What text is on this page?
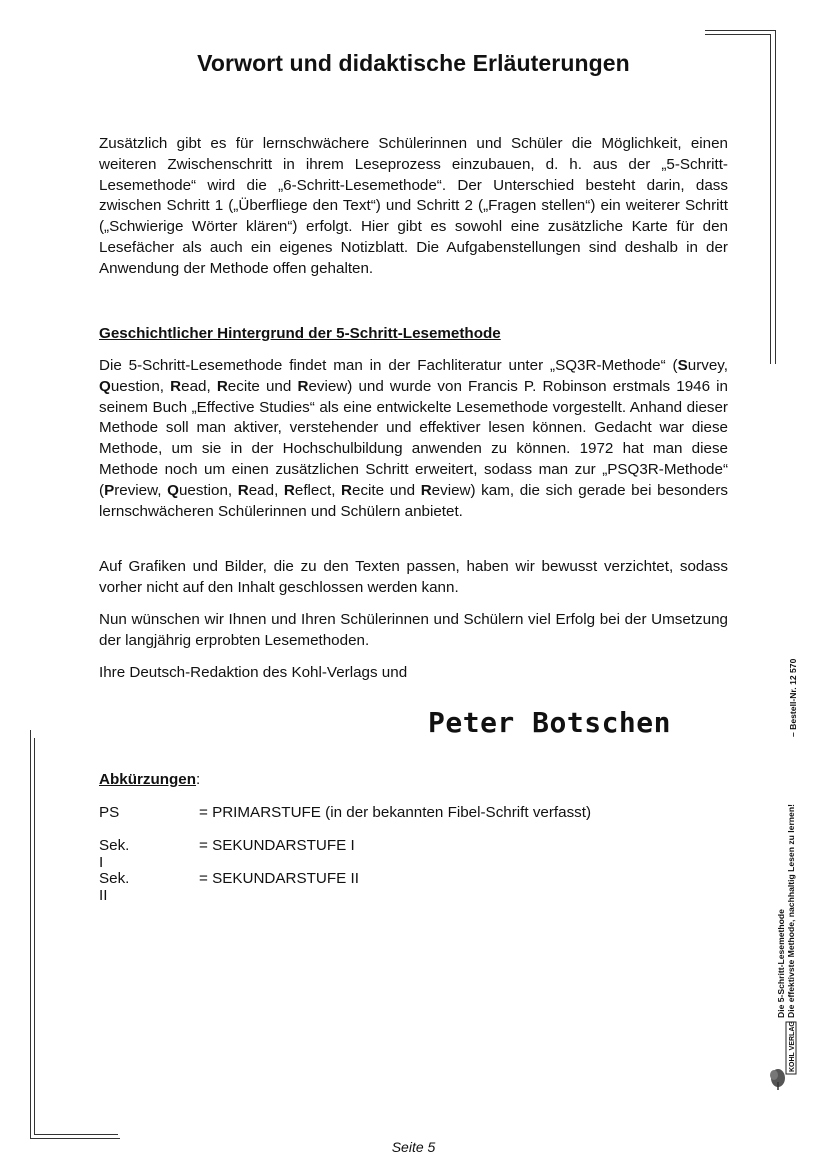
Vorwort und didaktische Erläuterungen

Zusätzlich gibt es für lernschwächere Schülerinnen und Schüler die Möglichkeit, einen weiteren Zwischenschritt in ihrem Leseprozess einzubauen, d. h. aus der „5-Schritt-Lesemethode“ wird die „6-Schritt-Lesemethode“. Der Unterschied besteht darin, dass zwischen Schritt 1 („Überfliege den Text“) und Schritt 2 („Fragen stellen“) ein weiterer Schritt („Schwierige Wörter klären“) erfolgt. Hier gibt es sowohl eine zusätzliche Karte für den Lesefächer als auch ein eigenes Notizblatt. Die Aufgabenstellungen sind deshalb in der Anwendung der Methode offen gehalten.

Geschichtlicher Hintergrund der 5-Schritt-Lesemethode

Die 5-Schritt-Lesemethode findet man in der Fachliteratur unter „SQ3R-Methode“ (Survey, Question, Read, Recite und Review) und wurde von Francis P. Robinson erstmals 1946 in seinem Buch „Effective Studies“ als eine entwickelte Lesemethode vorgestellt. Anhand dieser Methode soll man aktiver, verstehender und effektiver lesen können. Gedacht war diese Methode, um sie in der Hochschulbildung anwenden zu können. 1972 hat man diese Methode noch um einen zusätzlichen Schritt erweitert, sodass man zur „PSQ3R-Methode“ (Preview, Question, Read, Reflect, Recite und Review) kam, die sich gerade bei besonders lernschwächeren Schülerinnen und Schülern anbietet.

Auf Grafiken und Bilder, die zu den Texten passen, haben wir bewusst verzichtet, sodass vorher nicht auf den Inhalt geschlossen werden kann.

Nun wünschen wir Ihnen und Ihren Schülerinnen und Schülern viel Erfolg bei der Umsetzung der langjährig erprobten Lesemethoden.

Ihre Deutsch-Redaktion des Kohl-Verlags und

Peter Botschen
Abkürzungen:
PS	= PRIMARSTUFE (in der bekannten Fibel-Schrift verfasst)
Sek. I
= SEKUNDARSTUFE I
Sek. II
= SEKUNDARSTUFE II
Die 5-Schritt-Lesemethode Die effektivste Methode, nachhaltig Lesen zu lernen!
– Bestell-Nr. 12 570
KOHL VERLAG
Seite 5
